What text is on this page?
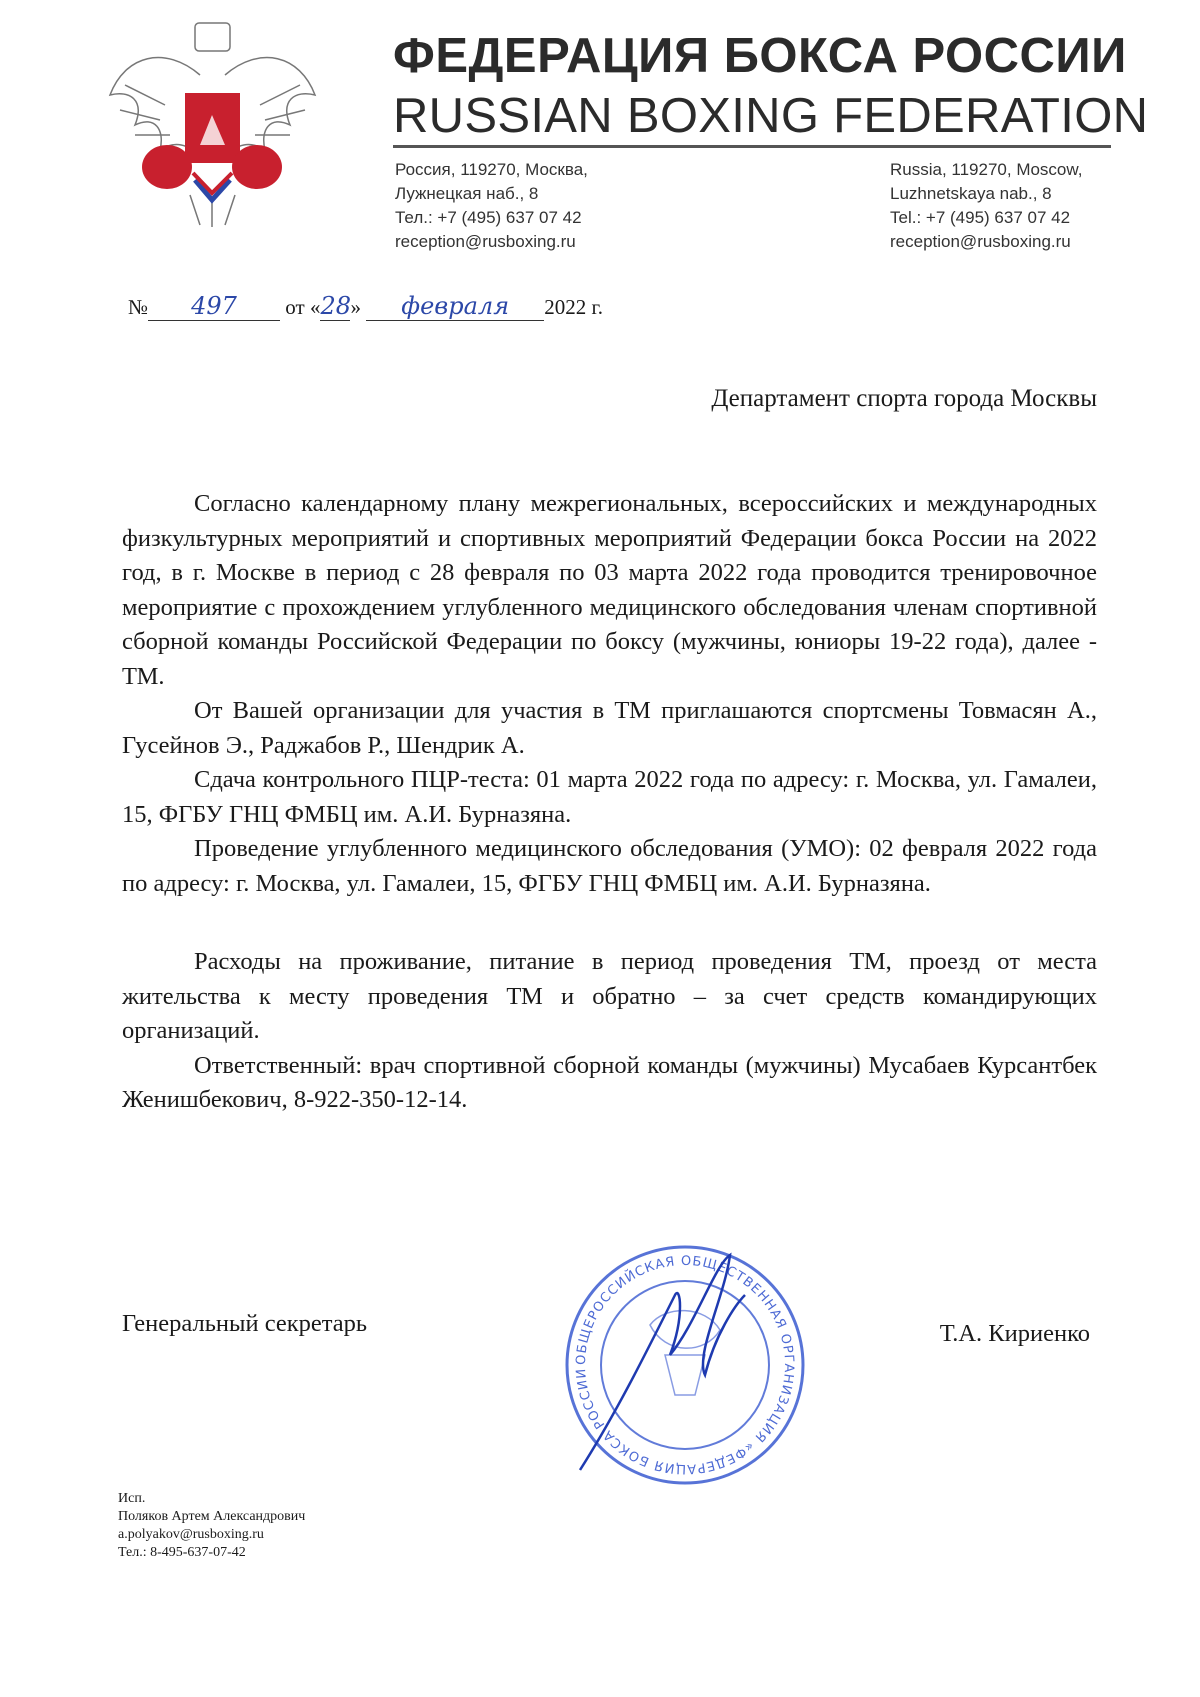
ФЕДЕРАЦИЯ БОКСА РОССИИ
RUSSIAN BOXING FEDERATION
Россия, 119270, Москва,
Лужнецкая наб., 8
Тел.: +7 (495) 637 07 42
reception@rusboxing.ru
Russia, 119270, Moscow,
Luzhnetskaya nab., 8
Tel.: +7 (495) 637 07 42
reception@rusboxing.ru
№ 497 от «28» февраля 2022 г.
Департамент спорта города Москвы

Согласно календарному плану межрегиональных, всероссийских и международных физкультурных мероприятий и спортивных мероприятий Федерации бокса России на 2022 год, в г. Москве в период с 28 февраля по 03 марта 2022 года проводится тренировочное мероприятие с прохождением углубленного медицинского обследования членам спортивной сборной команды Российской Федерации по боксу (мужчины, юниоры 19-22 года), далее - ТМ.

От Вашей организации для участия в ТМ приглашаются спортсмены Товмасян А., Гусейнов Э., Раджабов Р., Шендрик А.

Сдача контрольного ПЦР-теста: 01 марта 2022 года по адресу: г. Москва, ул. Гамалеи, 15, ФГБУ ГНЦ ФМБЦ им. А.И. Бурназяна.

Проведение углубленного медицинского обследования (УМО): 02 февраля 2022 года по адресу: г. Москва, ул. Гамалеи, 15, ФГБУ ГНЦ ФМБЦ им. А.И. Бурназяна.

Расходы на проживание, питание в период проведения ТМ, проезд от места жительства к месту проведения ТМ и обратно – за счет средств командирующих организаций.

Ответственный: врач спортивной сборной команды (мужчины) Мусабаев Курсантбек Женишбекович, 8-922-350-12-14.

Генеральный секретарь	Т.А. Кириенко
ОБЩЕРОССИЙСКАЯ ОБЩЕСТВЕННАЯ ОРГАНИЗАЦИЯ «ФЕДЕРАЦИЯ БОКСА РОССИИ
Исп.
Поляков Артем Александрович
a.polyakov@rusboxing.ru
Тел.: 8-495-637-07-42
